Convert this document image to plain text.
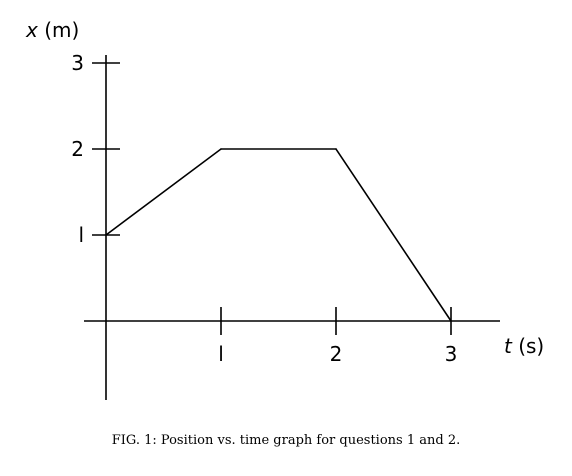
l	2	3
l
2
3
x (m)
t (s)
FIG. 1: Position vs. time graph for questions 1 and 2.
